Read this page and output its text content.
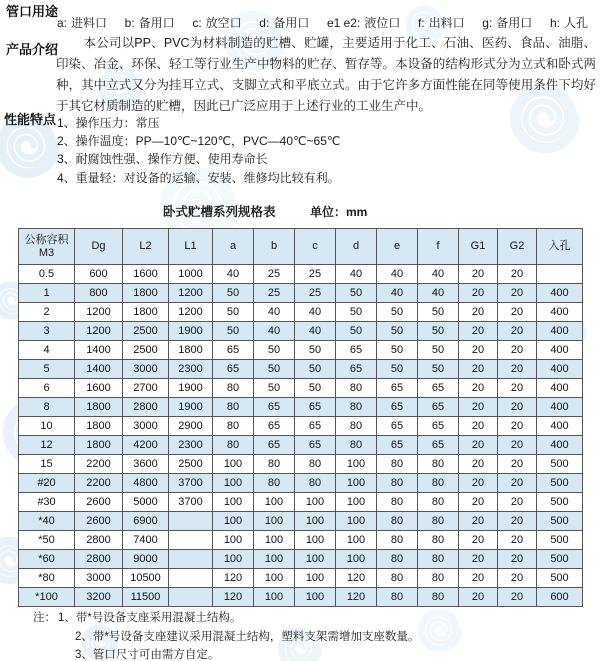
管口用途
a: 进料口 b: 备用口 c: 放空口 d: 备用口 e1 e2: 液位口 f: 出料口 g: 备用口 h: 人孔
产品介绍	本公司以PP、PVC为材料制造的贮槽、贮罐，主要适用于化工、石油、医药、食品、油脂、印染、冶金、环保、轻工等行业生产中物料的贮存、暂存等。本设备的结构形式分为立式和卧式两种，其中立式又分为挂耳立式、支脚立式和平底立式。由于它许多方面性能在同等使用条件下均好于其它材质制造的贮槽，因此已广泛应用于上述行业的工业生产中。

性能特点 1、操作压力：常压
2、操作温度：PP—10℃~120℃，PVC—40℃~65℃
3、耐腐蚀性强、操作方便、使用寿命长
4、重量轻：对设备的运输、安装、维修均比较有利。
卧式贮槽系列规格表	单位：mm
公称容积 M3	Dg	L2	L1	a	b	c	d	e	f	G1	G2	入孔
0.5	600	1600	1000	40	25	25	40	40	40	20	20	
1	800	1800	1200	50	25	25	50	40	40	20	20	400
2	1200	1800	1200	50	40	40	50	50	50	20	20	400
3	1200	2500	1900	50	40	40	50	50	50	20	20	400
4	1400	2500	1800	65	50	50	65	50	50	20	20	400
5	1400	3000	2300	65	50	50	65	50	50	20	20	400
6	1600	2700	1900	80	50	50	80	65	65	20	20	400
8	1800	2800	1900	80	65	65	80	65	65	20	20	400
10	1800	3000	2900	80	65	65	80	65	65	20	20	400
12	1800	4200	2300	80	65	65	80	65	65	20	20	400
15	2200	3600	2500	100	80	80	100	80	80	20	20	500
#20	2200	4800	3700	100	80	80	100	80	80	20	20	500
#30	2600	5000	3700	100	100	100	100	80	80	20	20	500
*40	2600	6900		100	100	100	100	80	80	20	20	500
*50	2800	7400		100	100	100	100	80	80	20	20	500
*60	2800	9000		100	100	100	100	80	80	20	20	500
*80	3000	10500		120	100	100	120	80	80	20	20	500
*100	3200	11500		120	100	100	120	80	80	20	20	600
注： 1、带*号设备支座采用混凝土结构。
2、带*号设备支座建议采用混凝土结构，塑料支架需增加支座数量。
3、管口尺寸可由需方自定。
